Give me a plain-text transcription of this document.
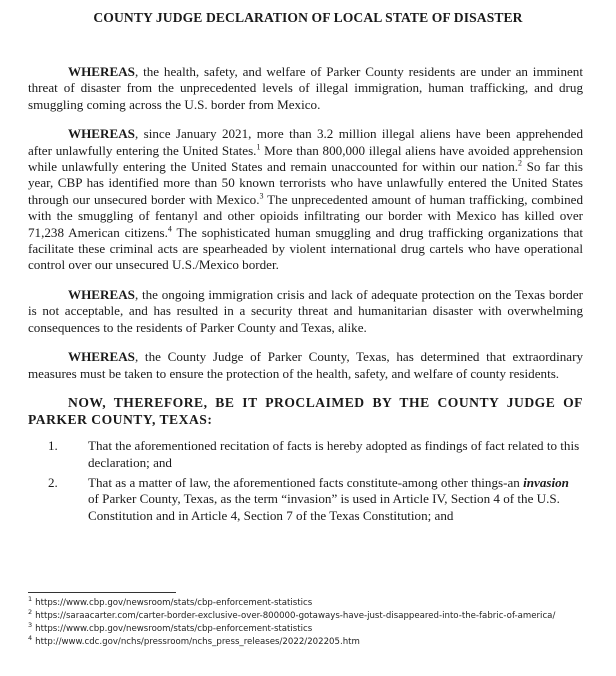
COUNTY JUDGE DECLARATION OF LOCAL STATE OF DISASTER

WHEREAS, the health, safety, and welfare of Parker County residents are under an imminent threat of disaster from the unprecedented levels of illegal immigration, human trafficking, and drug smuggling coming across the U.S. border from Mexico.

WHEREAS, since January 2021, more than 3.2 million illegal aliens have been apprehended after unlawfully entering the United States.$^1$ More than 800,000 illegal aliens have avoided apprehension while unlawfully entering the United States and remain unaccounted for within our nation.$^2$ So far this year, CBP has identified more than 50 known terrorists who have unlawfully entered the United States through our unsecured border with Mexico.$^3$ The unprecedented amount of human trafficking, combined with the smuggling of fentanyl and other opioids infiltrating our border with Mexico has killed over 71,238 American citizens.$^4$ The sophisticated human smuggling and drug trafficking organizations that facilitate these criminal acts are spearheaded by violent international drug cartels who have operational control over our unsecured U.S./Mexico border.

WHEREAS, the ongoing immigration crisis and lack of adequate protection on the Texas border is not acceptable, and has resulted in a security threat and humanitarian disaster with overwhelming consequences to the residents of Parker County and Texas, alike.

WHEREAS, the County Judge of Parker County, Texas, has determined that extraordinary measures must be taken to ensure the protection of the health, safety, and welfare of county residents.

NOW, THEREFORE, BE IT PROCLAIMED BY THE COUNTY JUDGE OF PARKER COUNTY, TEXAS:

1.	That the aforementioned recitation of facts is hereby adopted as findings of fact related to this declaration; and
2.	That as a matter of law, the aforementioned facts constitute-among other things-an invasion of Parker County, Texas, as the term “invasion” is used in Article IV, Section 4 of the U.S. Constitution and in Article 4, Section 7 of the Texas Constitution; and
$^1$ https://www.cbp.gov/newsroom/stats/cbp-enforcement-statistics
$^2$ https://saraacarter.com/carter-border-exclusive-over-800000-gotaways-have-just-disappeared-into-the-fabric-of-america/
$^3$ https://www.cbp.gov/newsroom/stats/cbp-enforcement-statistics
$^4$ http://www.cdc.gov/nchs/pressroom/nchs_press_releases/2022/202205.htm
